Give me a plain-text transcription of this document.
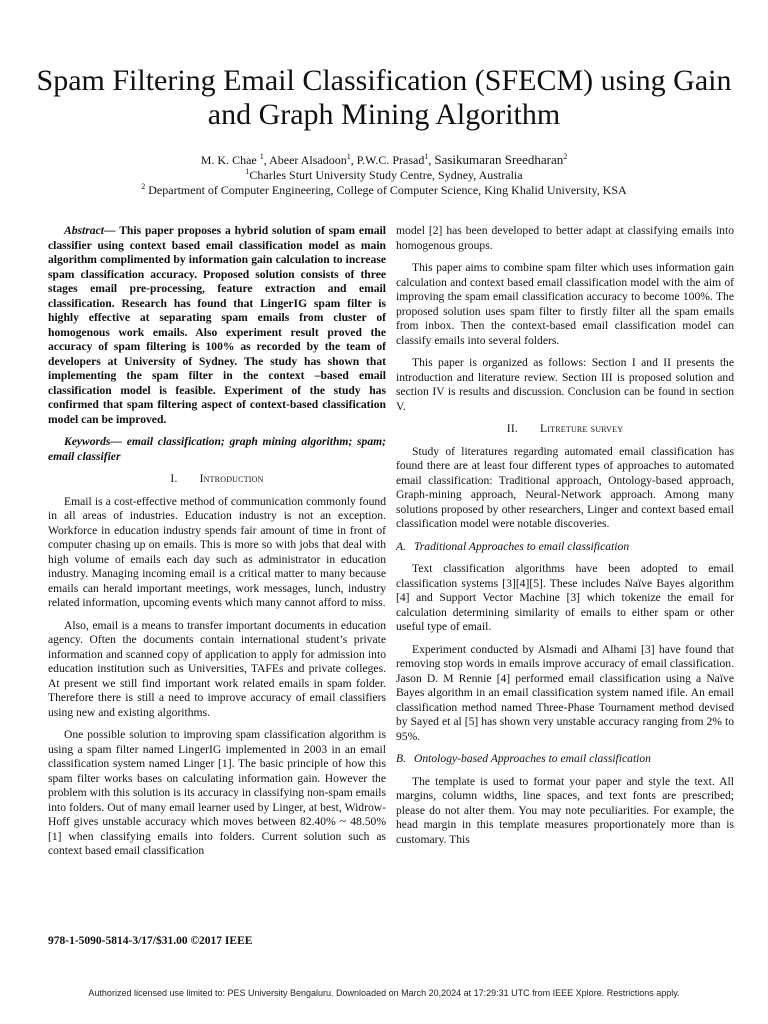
Spam Filtering Email Classification (SFECM) using Gain and Graph Mining Algorithm
M. K. Chae $^1$, Abeer Alsadoon$^1$, P.W.C. Prasad$^1$, Sasikumaran Sreedharan$^2$
$^1$Charles Sturt University Study Centre, Sydney, Australia
$^2$ Department of Computer Engineering, College of Computer Science, King Khalid University, KSA

Abstract— This paper proposes a hybrid solution of spam email classifier using context based email classification model as main algorithm complimented by information gain calculation to increase spam classification accuracy. Proposed solution consists of three stages email pre-processing, feature extraction and email classification. Research has found that LingerIG spam filter is highly effective at separating spam emails from cluster of homogenous work emails. Also experiment result proved the accuracy of spam filtering is 100% as recorded by the team of developers at University of Sydney. The study has shown that implementing the spam filter in the context –based email classification model is feasible. Experiment of the study has confirmed that spam filtering aspect of context-based classification model can be improved.

Keywords— email classification; graph mining algorithm; spam; email classifier

I. Introduction

Email is a cost-effective method of communication commonly found in all areas of industries. Education industry is not an exception. Workforce in education industry spends fair amount of time in front of computer chasing up on emails. This is more so with jobs that deal with high volume of emails each day such as administrator in education industry. Managing incoming email is a critical matter to many because emails can herald important meetings, work messages, lunch, industry related information, upcoming events which many cannot afford to miss.

Also, email is a means to transfer important documents in education agency. Often the documents contain international student’s private information and scanned copy of application to apply for admission into education institution such as Universities, TAFEs and private colleges. At present we still find important work related emails in spam folder. Therefore there is still a need to improve accuracy of email classifiers using new and existing algorithms.

One possible solution to improving spam classification algorithm is using a spam filter named LingerIG implemented in 2003 in an email classification system named Linger [1]. The basic principle of how this spam filter works bases on calculating information gain. However the problem with this solution is its accuracy in classifying non-spam emails into folders. Out of many email learner used by Linger, at best, Widrow-Hoff gives unstable accuracy which moves between 82.40% ~ 48.50% [1] when classifying emails into folders. Current solution such as context based email classification

model [2] has been developed to better adapt at classifying emails into homogenous groups.

This paper aims to combine spam filter which uses information gain calculation and context based email classification model with the aim of improving the spam email classification accuracy to become 100%. The proposed solution uses spam filter to firstly filter all the spam emails from inbox. Then the context-based email classification model can classify emails into several folders.

This paper is organized as follows: Section I and II presents the introduction and literature review. Section III is proposed solution and section IV is results and discussion. Conclusion can be found in section V.

II. Litreture survey

Study of literatures regarding automated email classification has found there are at least four different types of approaches to automated email classification: Traditional approach, Ontology-based approach, Graph-mining approach, Neural-Network approach. Among many solutions proposed by other researchers, Linger and context based email classification model were notable discoveries.

A. Traditional Approaches to email classification

Text classification algorithms have been adopted to email classification systems [3][4][5]. These includes Naïve Bayes algorithm [4] and Support Vector Machine [3] which tokenize the email for calculation determining similarity of emails to either spam or other useful type of email.

Experiment conducted by Alsmadi and Alhami [3] have found that removing stop words in emails improve accuracy of email classification. Jason D. M Rennie [4] performed email classification using a Naïve Bayes algorithm in an email classification system named ifile. An email classification method named Three-Phase Tournament method devised by Sayed et al [5] has shown very unstable accuracy ranging from 2% to 95%.

B. Ontology-based Approaches to email classification

The template is used to format your paper and style the text. All margins, column widths, line spaces, and text fonts are prescribed; please do not alter them. You may note peculiarities. For example, the head margin in this template measures proportionately more than is customary. This

978-1-5090-5814-3/17/$31.00 ©2017 IEEE
Authorized licensed use limited to: PES University Bengaluru. Downloaded on March 20,2024 at 17:29:31 UTC from IEEE Xplore. Restrictions apply.
